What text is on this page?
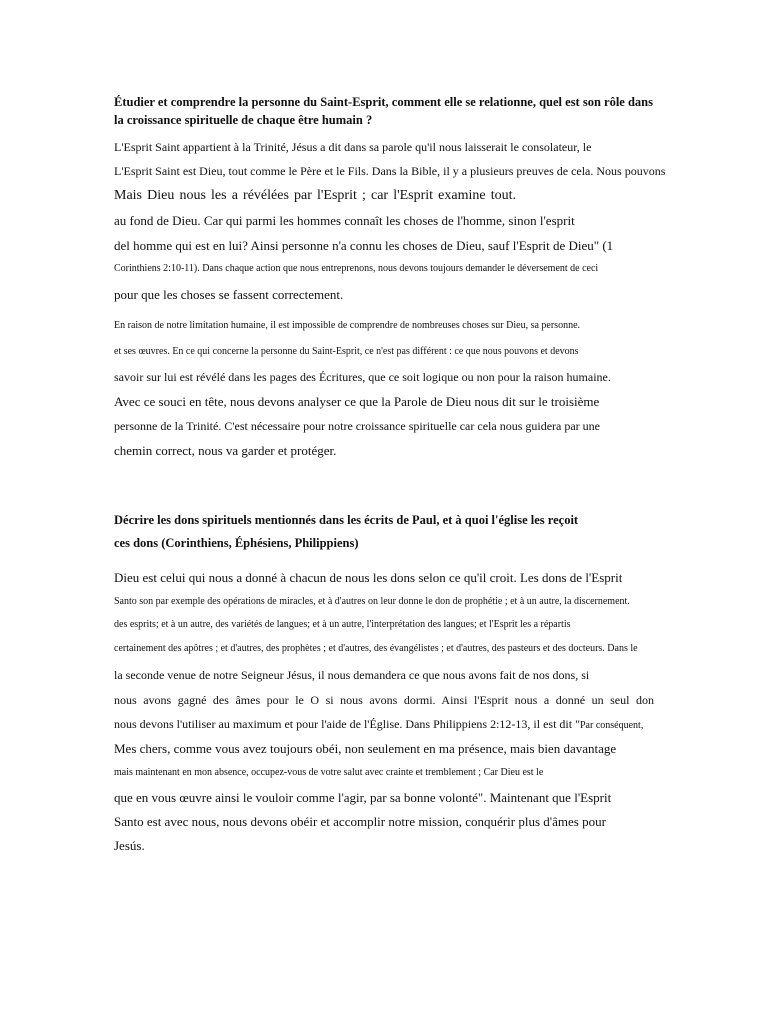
Étudier et comprendre la personne du Saint-Esprit, comment elle se relationne, quel est son rôle dans

la croissance spirituelle de chaque être humain ?

L'Esprit Saint appartient à la Trinité, Jésus a dit dans sa parole qu'il nous laisserait le consolateur, le

L'Esprit Saint est Dieu, tout comme le Père et le Fils. Dans la Bible, il y a plusieurs preuves de cela. Nous pouvons

Mais Dieu nous les a révélées par l'Esprit ; car l'Esprit examine tout.

au fond de Dieu. Car qui parmi les hommes connaît les choses de l'homme, sinon l'esprit

del homme qui est en lui? Ainsi personne n'a connu les choses de Dieu, sauf l'Esprit de Dieu" (1

Corinthiens 2:10-11). Dans chaque action que nous entreprenons, nous devons toujours demander le déversement de ceci

pour que les choses se fassent correctement.

En raison de notre limitation humaine, il est impossible de comprendre de nombreuses choses sur Dieu, sa personne.

et ses œuvres. En ce qui concerne la personne du Saint-Esprit, ce n'est pas différent : ce que nous pouvons et devons

savoir sur lui est révélé dans les pages des Écritures, que ce soit logique ou non pour la raison humaine.

Avec ce souci en tête, nous devons analyser ce que la Parole de Dieu nous dit sur le troisième

personne de la Trinité. C'est nécessaire pour notre croissance spirituelle car cela nous guidera par une

chemin correct, nous va garder et protéger.

Décrire les dons spirituels mentionnés dans les écrits de Paul, et à quoi l'église les reçoit

ces dons (Corinthiens, Éphésiens, Philippiens)

Dieu est celui qui nous a donné à chacun de nous les dons selon ce qu'il croit. Les dons de l'Esprit

Santo son par exemple des opérations de miracles, et à d'autres on leur donne le don de prophétie ; et à un autre, la discernement.

des esprits; et à un autre, des variétés de langues; et à un autre, l'interprétation des langues; et l'Esprit les a répartis

certainement des apôtres ; et d'autres, des prophètes ; et d'autres, des évangélistes ; et d'autres, des pasteurs et des docteurs. Dans le

la seconde venue de notre Seigneur Jésus, il nous demandera ce que nous avons fait de nos dons, si

nous avons gagné des âmes pour le O si nous avons dormi. Ainsi l'Esprit nous a donné un seul don

nous devons l'utiliser au maximum et pour l'aide de l'Église. Dans Philippiens 2:12-13, il est dit "Par conséquent,

Mes chers, comme vous avez toujours obéi, non seulement en ma présence, mais bien davantage

mais maintenant en mon absence, occupez-vous de votre salut avec crainte et tremblement ; Car Dieu est le

que en vous œuvre ainsi le vouloir comme l'agir, par sa bonne volonté". Maintenant que l'Esprit

Santo est avec nous, nous devons obéir et accomplir notre mission, conquérir plus d'âmes pour

Jesús.
